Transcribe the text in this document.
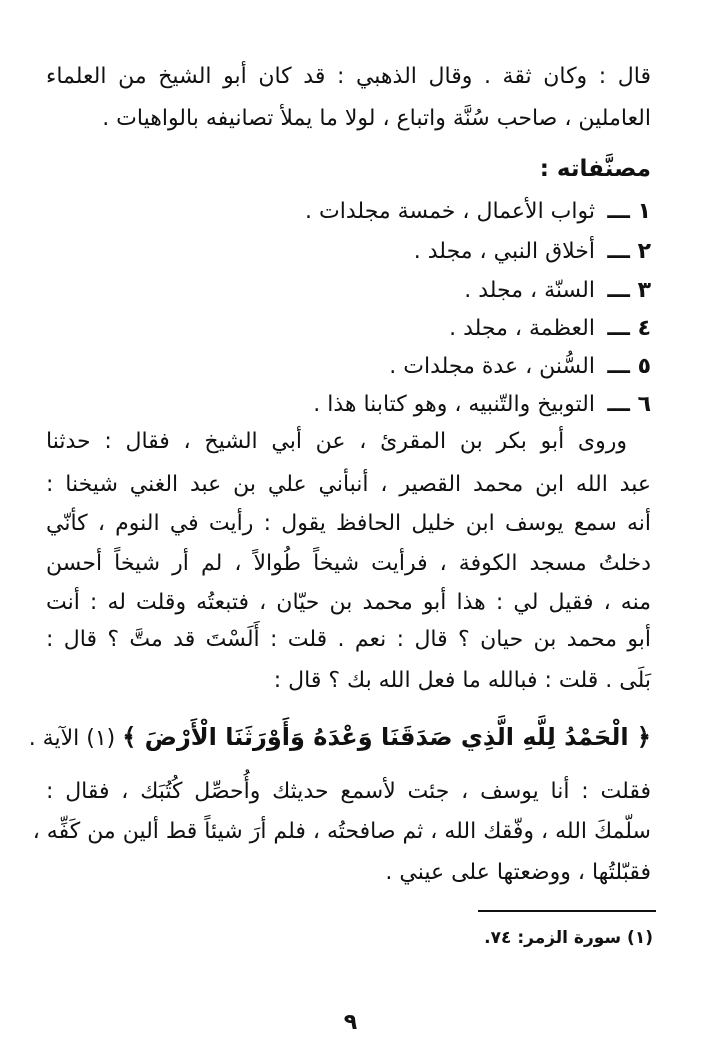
قال : وكان ثقة . وقال الذهبي : قد كان أبو الشيخ من العلماء
العاملين ، صاحب سُنَّة واتباع ، لولا ما يملأ تصانيفه بالواهيات .
مصنَّفاته :
١ ـــثواب الأعمال ، خمسة مجلدات .
٢ ـــأخلاق النبي ، مجلد .
٣ ـــالسنّة ، مجلد .
٤ ـــالعظمة ، مجلد .
٥ ـــالسُّنن ، عدة مجلدات .
٦ ـــالتوبيخ والتّنبيه ، وهو كتابنا هذا .
وروى أبو بكر بن المقرئ ، عن أبي الشيخ ، فقال : حدثنا
عبد الله ابن محمد القصير ، أنبأني علي بن عبد الغني شيخنا :
أنه سمع يوسف ابن خليل الحافظ يقول : رأيت في النوم ، كأنّي
دخلتُ مسجد الكوفة ، فرأيت شيخاً طُوالاً ، لم أر شيخاً أحسن
منه ، فقيل لي : هذا أبو محمد بن حيّان ، فتبعتُه وقلت له : أنت
أبو محمد بن حيان ؟ قال : نعم . قلت : أَلَسْتَ قد متَّ ؟ قال :
بَلَى . قلت : فبالله ما فعل الله بك ؟ قال :
﴿ الْحَمْدُ لِلَّهِ الَّذِي صَدَقَنَا وَعْدَهُ وَأَوْرَثَنَا الْأَرْضَ ﴾ (١) الآية .
فقلت : أنا يوسف ، جئت لأسمع حديثك وأُحصِّل كُتُبَك ، فقال :
سلّمكَ الله ، وفّقك الله ، ثم صافحتُه ، فلم أرَ شيئاً قط ألين من كَفِّه ،
فقبّلتُها ، ووضعتها على عيني .
(١) سورة الزمر: ٧٤.
٩
